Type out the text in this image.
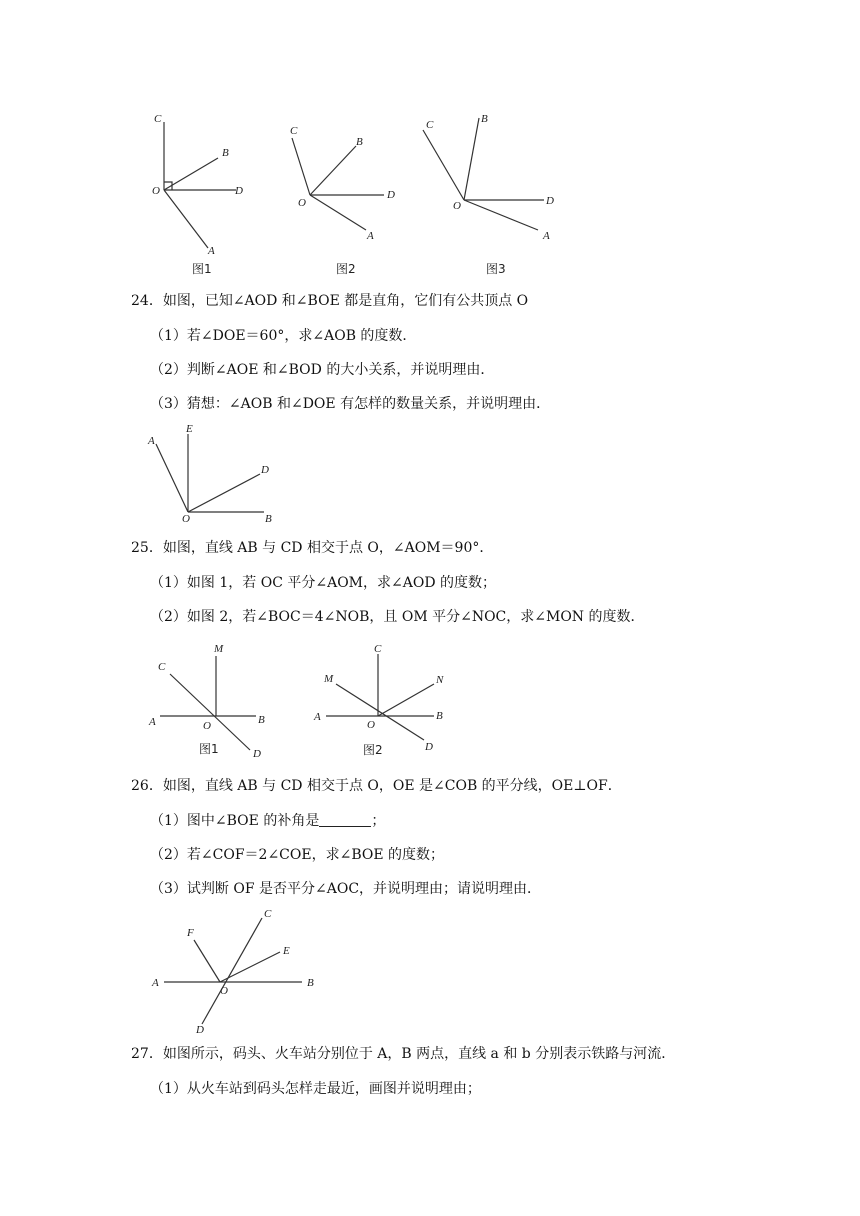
C
B
O	D
A
图1
C
B
O
D
A
图2
C	B
O	D
A
图3
24．如图，已知∠AOD 和∠BOE 都是直角，它们有公共顶点 O
（1）若∠DOE＝60°，求∠AOB 的度数．
（2）判断∠AOE 和∠BOD 的大小关系，并说明理由．
（3）猜想：∠AOB 和∠DOE 有怎样的数量关系，并说明理由．
A
E
D
O	B
25．如图，直线 AB 与 CD 相交于点 O，∠AOM＝90°．
（1）如图 1，若 OC 平分∠AOM，求∠AOD 的度数；
（2）如图 2，若∠BOC＝4∠NOB，且 OM 平分∠NOC，求∠MON 的度数．
C
M
A	O	B
D
图1
M
C
N
A
O
B
D
图2
26．如图，直线 AB 与 CD 相交于点 O，OE 是∠COB 的平分线，OE⊥OF．
（1）图中∠BOE 的补角是	；
（2）若∠COF＝2∠COE，求∠BOE 的度数；
（3）试判断 OF 是否平分∠AOC，并说明理由；请说明理由．
C
F
E
A
O
B
D
27．如图所示，码头、火车站分别位于 A，B 两点，直线 a 和 b 分别表示铁路与河流．
（1）从火车站到码头怎样走最近，画图并说明理由；
